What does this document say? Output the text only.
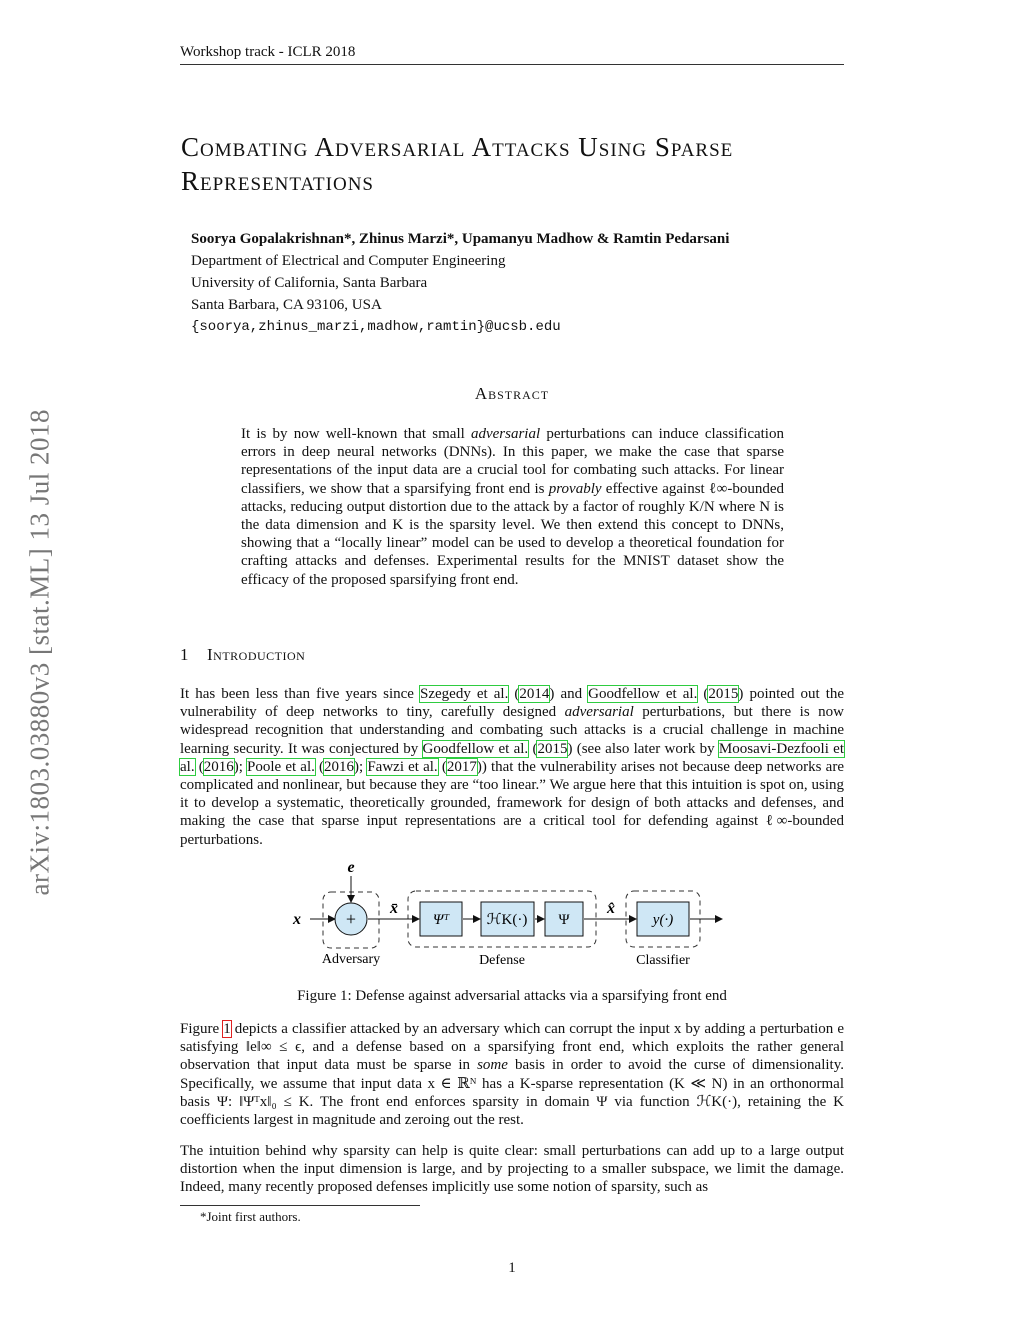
Workshop track - ICLR 2018
arXiv:1803.03880v3 [stat.ML] 13 Jul 2018
Combating Adversarial Attacks Using Sparse
Representations
Soorya Gopalakrishnan*, Zhinus Marzi*, Upamanyu Madhow & Ramtin Pedarsani
Department of Electrical and Computer Engineering
University of California, Santa Barbara
Santa Barbara, CA 93106, USA
{soorya,zhinus_marzi,madhow,ramtin}@ucsb.edu
Abstract
It is by now well-known that small adversarial perturbations can induce classification errors in deep neural networks (DNNs). In this paper, we make the case that sparse representations of the input data are a crucial tool for combating such attacks. For linear classifiers, we show that a sparsifying front end is provably effective against ℓ∞-bounded attacks, reducing output distortion due to the attack by a factor of roughly K/N where N is the data dimension and K is the sparsity level. We then extend this concept to DNNs, showing that a “locally linear” model can be used to develop a theoretical foundation for crafting attacks and defenses. Experimental results for the MNIST dataset show the efficacy of the proposed sparsifying front end.
1 Introduction
It has been less than five years since Szegedy et al. (2014) and Goodfellow et al. (2015) pointed out the vulnerability of deep networks to tiny, carefully designed adversarial perturbations, but there is now widespread recognition that understanding and combating such attacks is a crucial challenge in machine learning security. It was conjectured by Goodfellow et al. (2015) (see also later work by Moosavi-Dezfooli et al. (2016); Poole et al. (2016); Fawzi et al. (2017)) that the vulnerability arises not because deep networks are complicated and nonlinear, but because they are “too linear.” We argue here that this intuition is spot on, using it to develop a systematic, theoretically grounded, framework for design of both attacks and defenses, and making the case that sparse input representations are a critical tool for defending against ℓ∞-bounded perturbations.
+	Ψᵀ	ℋK(·) Ψ	y(·)
x
e
x̄	x̂
Adversary	Defense	Classifier
Figure 1: Defense against adversarial attacks via a sparsifying front end
Figure 1 depicts a classifier attacked by an adversary which can corrupt the input x by adding a perturbation e satisfying ‖e‖∞ ≤ ϵ, and a defense based on a sparsifying front end, which exploits the rather general observation that input data must be sparse in some basis in order to avoid the curse of dimensionality. Specifically, we assume that input data x ∈ ℝᴺ has a K-sparse representation (K ≪ N) in an orthonormal basis Ψ: ‖Ψᵀx‖₀ ≤ K. The front end enforces sparsity in domain Ψ via function ℋK(·), retaining the K coefficients largest in magnitude and zeroing out the rest.
The intuition behind why sparsity can help is quite clear: small perturbations can add up to a large output distortion when the input dimension is large, and by projecting to a smaller subspace, we limit the damage. Indeed, many recently proposed defenses implicitly use some notion of sparsity, such as
*Joint first authors.
1
